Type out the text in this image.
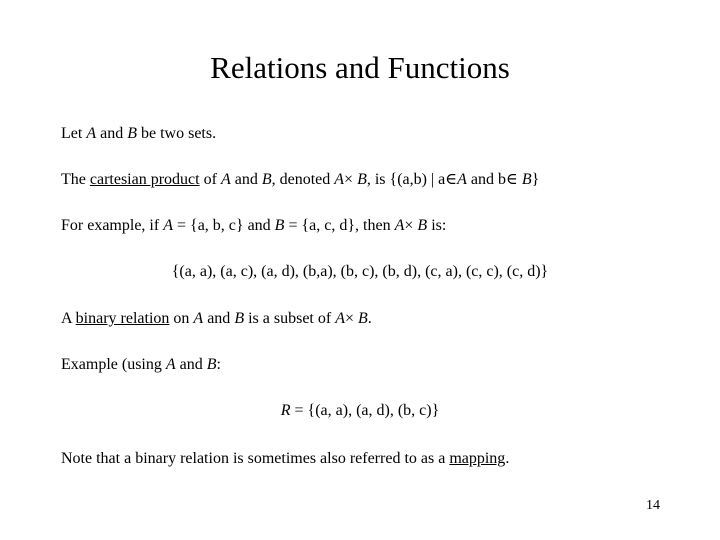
Relations and Functions
Let A and B be two sets.
The cartesian product of A and B, denoted A× B, is {(a,b) | a∈A and b∈ B}
For example, if A = {a, b, c} and B = {a, c, d}, then A× B is:
{(a, a), (a, c), (a, d), (b,a), (b, c), (b, d), (c, a), (c, c), (c, d)}
A binary relation on A and B is a subset of A× B.
Example (using A and B:
R = {(a, a), (a, d), (b, c)}
Note that a binary relation is sometimes also referred to as a mapping.
14
